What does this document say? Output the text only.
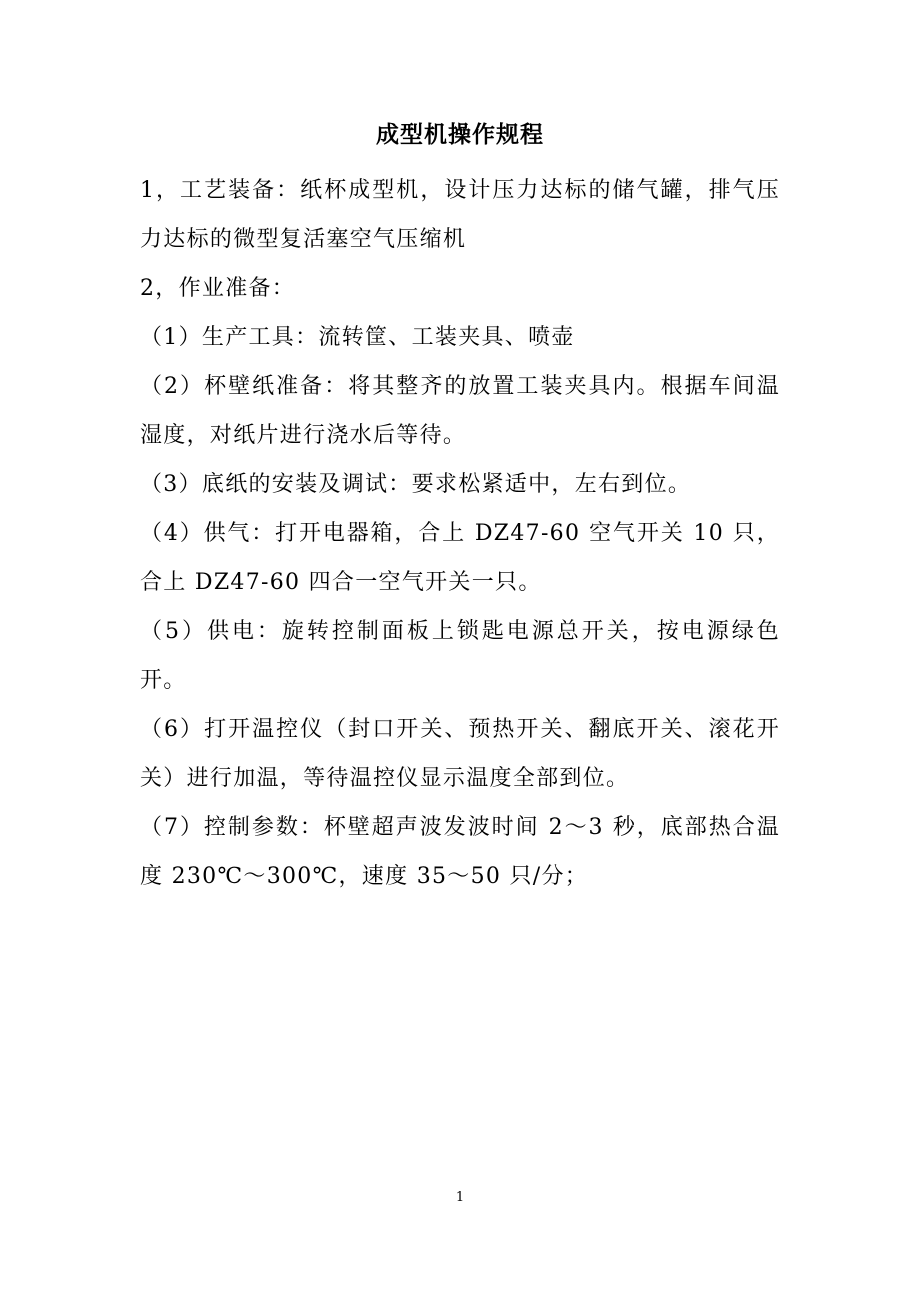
成型机操作规程

1，工艺装备：纸杯成型机，设计压力达标的储气罐，排气压力达标的微型复活塞空气压缩机

2，作业准备：

（1）生产工具：流转筐、工装夹具、喷壶

（2）杯壁纸准备：将其整齐的放置工装夹具内。根据车间温湿度，对纸片进行浇水后等待。

（3）底纸的安装及调试：要求松紧适中，左右到位。

（4）供气：打开电器箱，合上 DZ47-60 空气开关 10 只，合上 DZ47-60 四合一空气开关一只。

（5）供电：旋转控制面板上锁匙电源总开关，按电源绿色开。

（6）打开温控仪（封口开关、预热开关、翻底开关、滚花开关）进行加温，等待温控仪显示温度全部到位。

（7）控制参数：杯壁超声波发波时间 2～3 秒，底部热合温度 230℃～300℃，速度 35～50 只/分；

1
